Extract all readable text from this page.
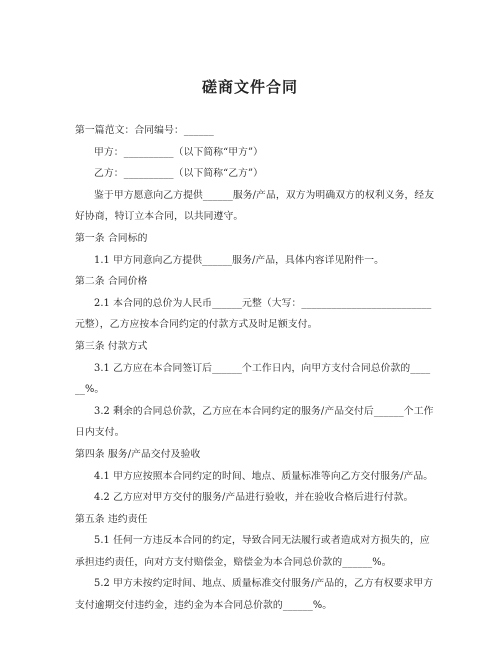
磋商文件合同

第一篇范文：合同编号：______

甲方：__________（以下简称“甲方”）

乙方：__________（以下简称“乙方”）

鉴于甲方愿意向乙方提供______服务/产品，双方为明确双方的权利义务，经友好协商，特订立本合同，以共同遵守。

第一条 合同标的

1.1 甲方同意向乙方提供______服务/产品，具体内容详见附件一。

第二条 合同价格

2.1 本合同的总价为人民币______元整（大写：__________________________元整），乙方应按本合同约定的付款方式及时足额支付。

第三条 付款方式

3.1 乙方应在本合同签订后______个工作日内，向甲方支付合同总价款的______%。

3.2 剩余的合同总价款，乙方应在本合同约定的服务/产品交付后______个工作日内支付。

第四条 服务/产品交付及验收

4.1 甲方应按照本合同约定的时间、地点、质量标准等向乙方交付服务/产品。

4.2 乙方应对甲方交付的服务/产品进行验收，并在验收合格后进行付款。

第五条 违约责任

5.1 任何一方违反本合同的约定，导致合同无法履行或者造成对方损失的，应承担违约责任，向对方支付赔偿金，赔偿金为本合同总价款的______%。

5.2 甲方未按约定时间、地点、质量标准交付服务/产品的，乙方有权要求甲方支付逾期交付违约金，违约金为本合同总价款的______%。
